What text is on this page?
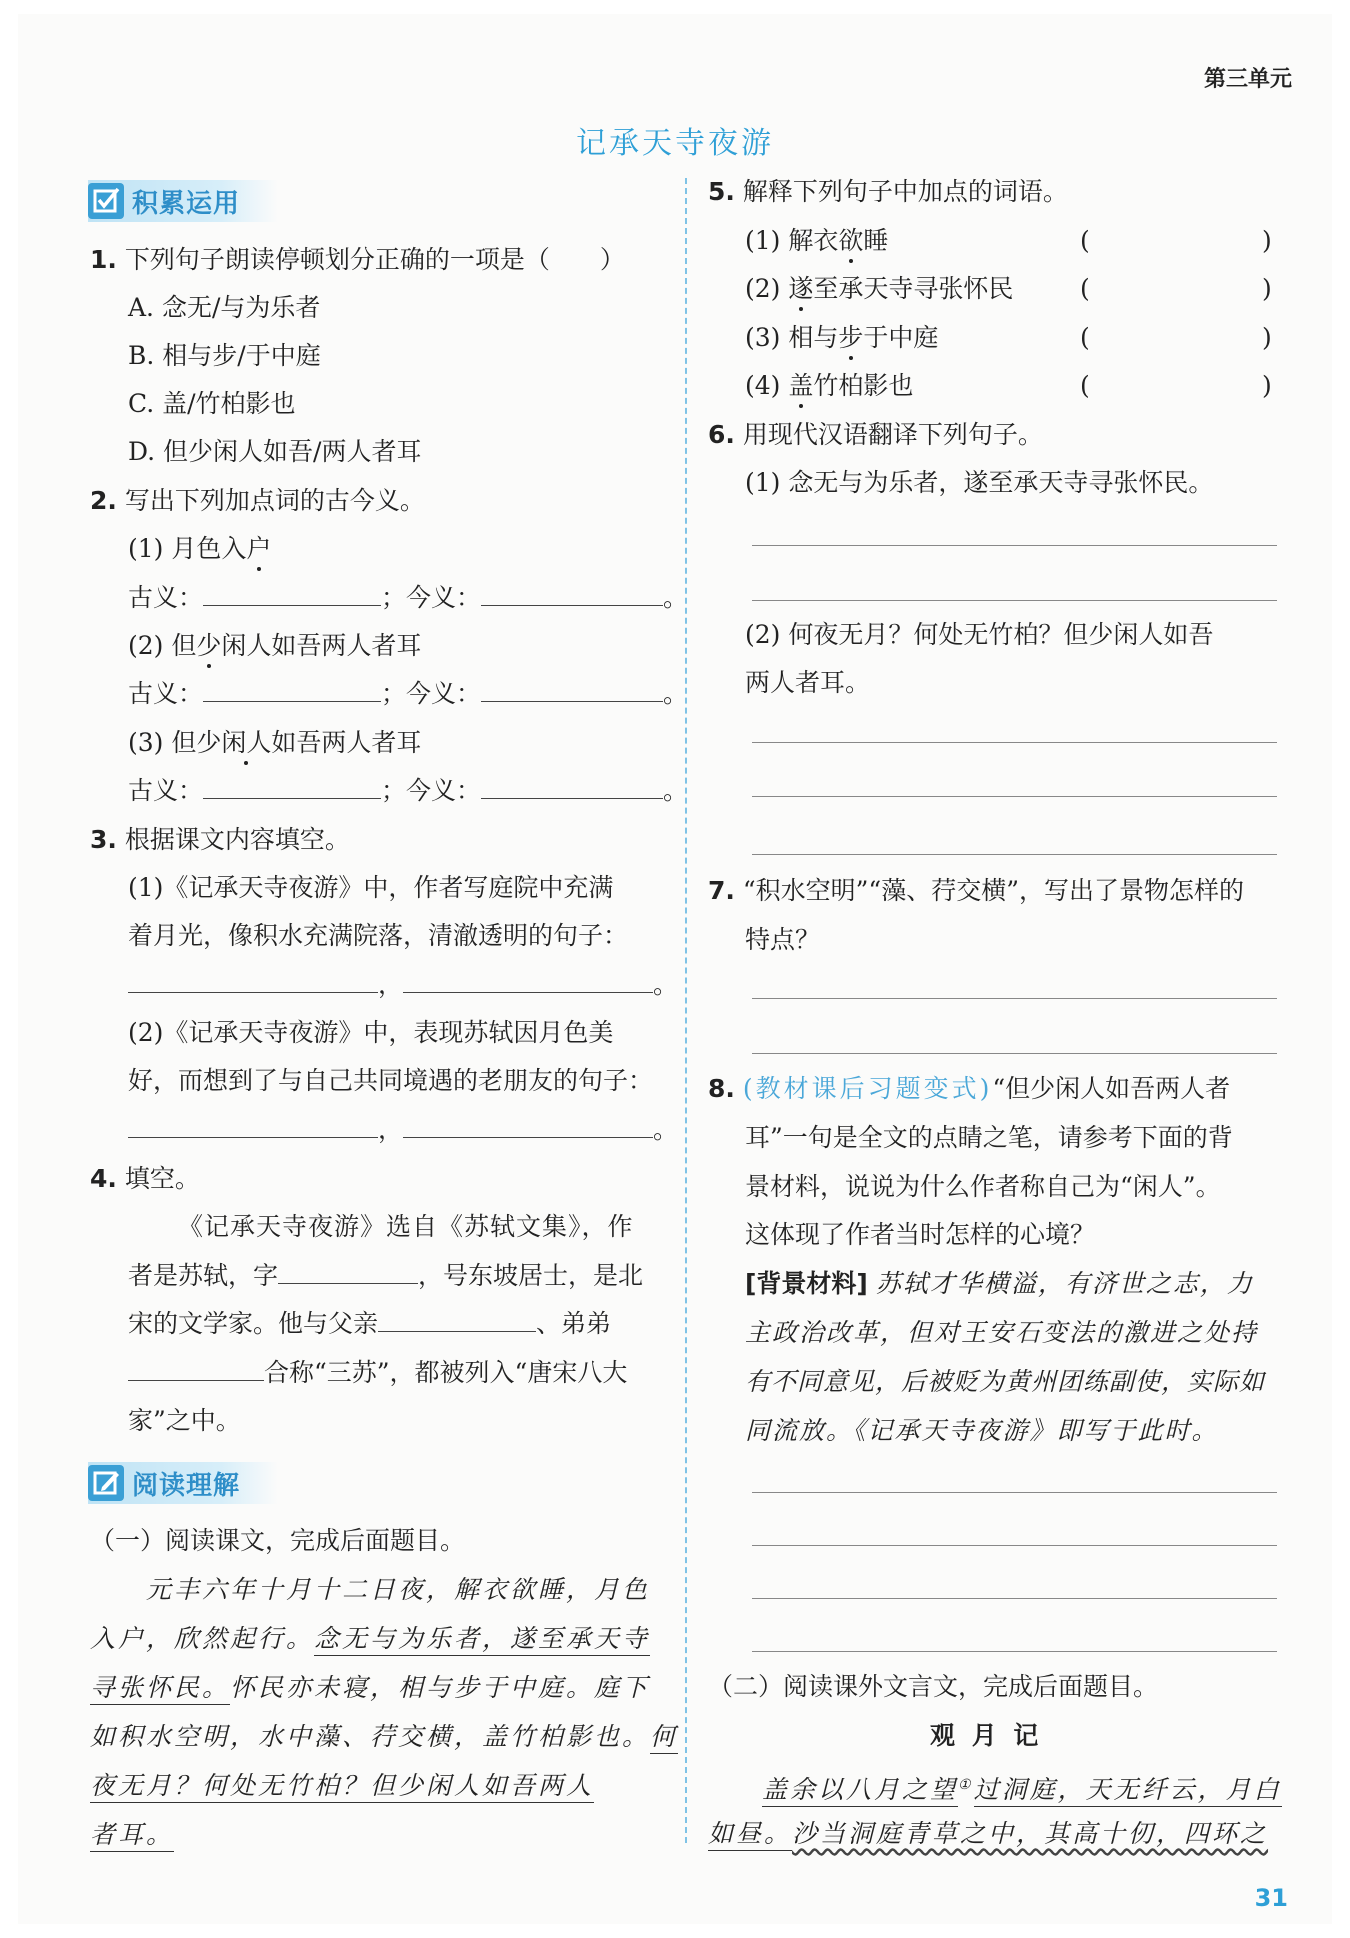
第三单元
记承天寺夜游
积累运用
1. 下列句子朗读停顿划分正确的一项是（　　）
A. 念无/与为乐者
B. 相与步/于中庭
C. 盖/竹柏影也
D. 但少闲人如吾/两人者耳
2. 写出下列加点词的古今义。
(1) 月色入户
古义：	；今义：	。
(2) 但少闲人如吾两人者耳
古义：	；今义：	。
(3) 但少闲人如吾两人者耳
古义：	；今义：	。
3. 根据课文内容填空。
(1)《记承天寺夜游》中，作者写庭院中充满
着月光，像积水充满院落，清澈透明的句子：
，	。
(2)《记承天寺夜游》中，表现苏轼因月色美
好，而想到了与自己共同境遇的老朋友的句子：
，	。
4. 填空。
《记承天寺夜游》选自《苏轼文集》，作
者是苏轼，字	，号东坡居士，是北
宋的文学家。他与父亲	、弟弟
合称“三苏”，都被列入“唐宋八大
家”之中。
阅读理解
（一）阅读课文，完成后面题目。
元丰六年十月十二日夜，解衣欲睡，月色
入户，欣然起行。念无与为乐者，遂至承天寺
寻张怀民。怀民亦未寝，相与步于中庭。庭下
如积水空明，水中藻、荇交横，盖竹柏影也。何
夜无月？何处无竹柏？但少闲人如吾两人
者耳。
5. 解释下列句子中加点的词语。
(1) 解衣欲睡	(	)
(2) 遂至承天寺寻张怀民	(	)
(3) 相与步于中庭	(	)
(4) 盖竹柏影也	(	)
6. 用现代汉语翻译下列句子。
(1) 念无与为乐者，遂至承天寺寻张怀民。
(2) 何夜无月？何处无竹柏？但少闲人如吾
两人者耳。
7. “积水空明”“藻、荇交横”，写出了景物怎样的
特点？
8. (教材课后习题变式)“但少闲人如吾两人者
耳”一句是全文的点睛之笔，请参考下面的背
景材料，说说为什么作者称自己为“闲人”。
这体现了作者当时怎样的心境？
[背景材料] 苏轼才华横溢，有济世之志，力
主政治改革，但对王安石变法的激进之处持
有不同意见，后被贬为黄州团练副使，实际如
同流放。《记承天寺夜游》即写于此时。
（二）阅读课外文言文，完成后面题目。
观 月 记
盖余以八月之望①过洞庭，天无纤云，月白
如昼。沙当洞庭青草之中，其高十仞，四环之
31
